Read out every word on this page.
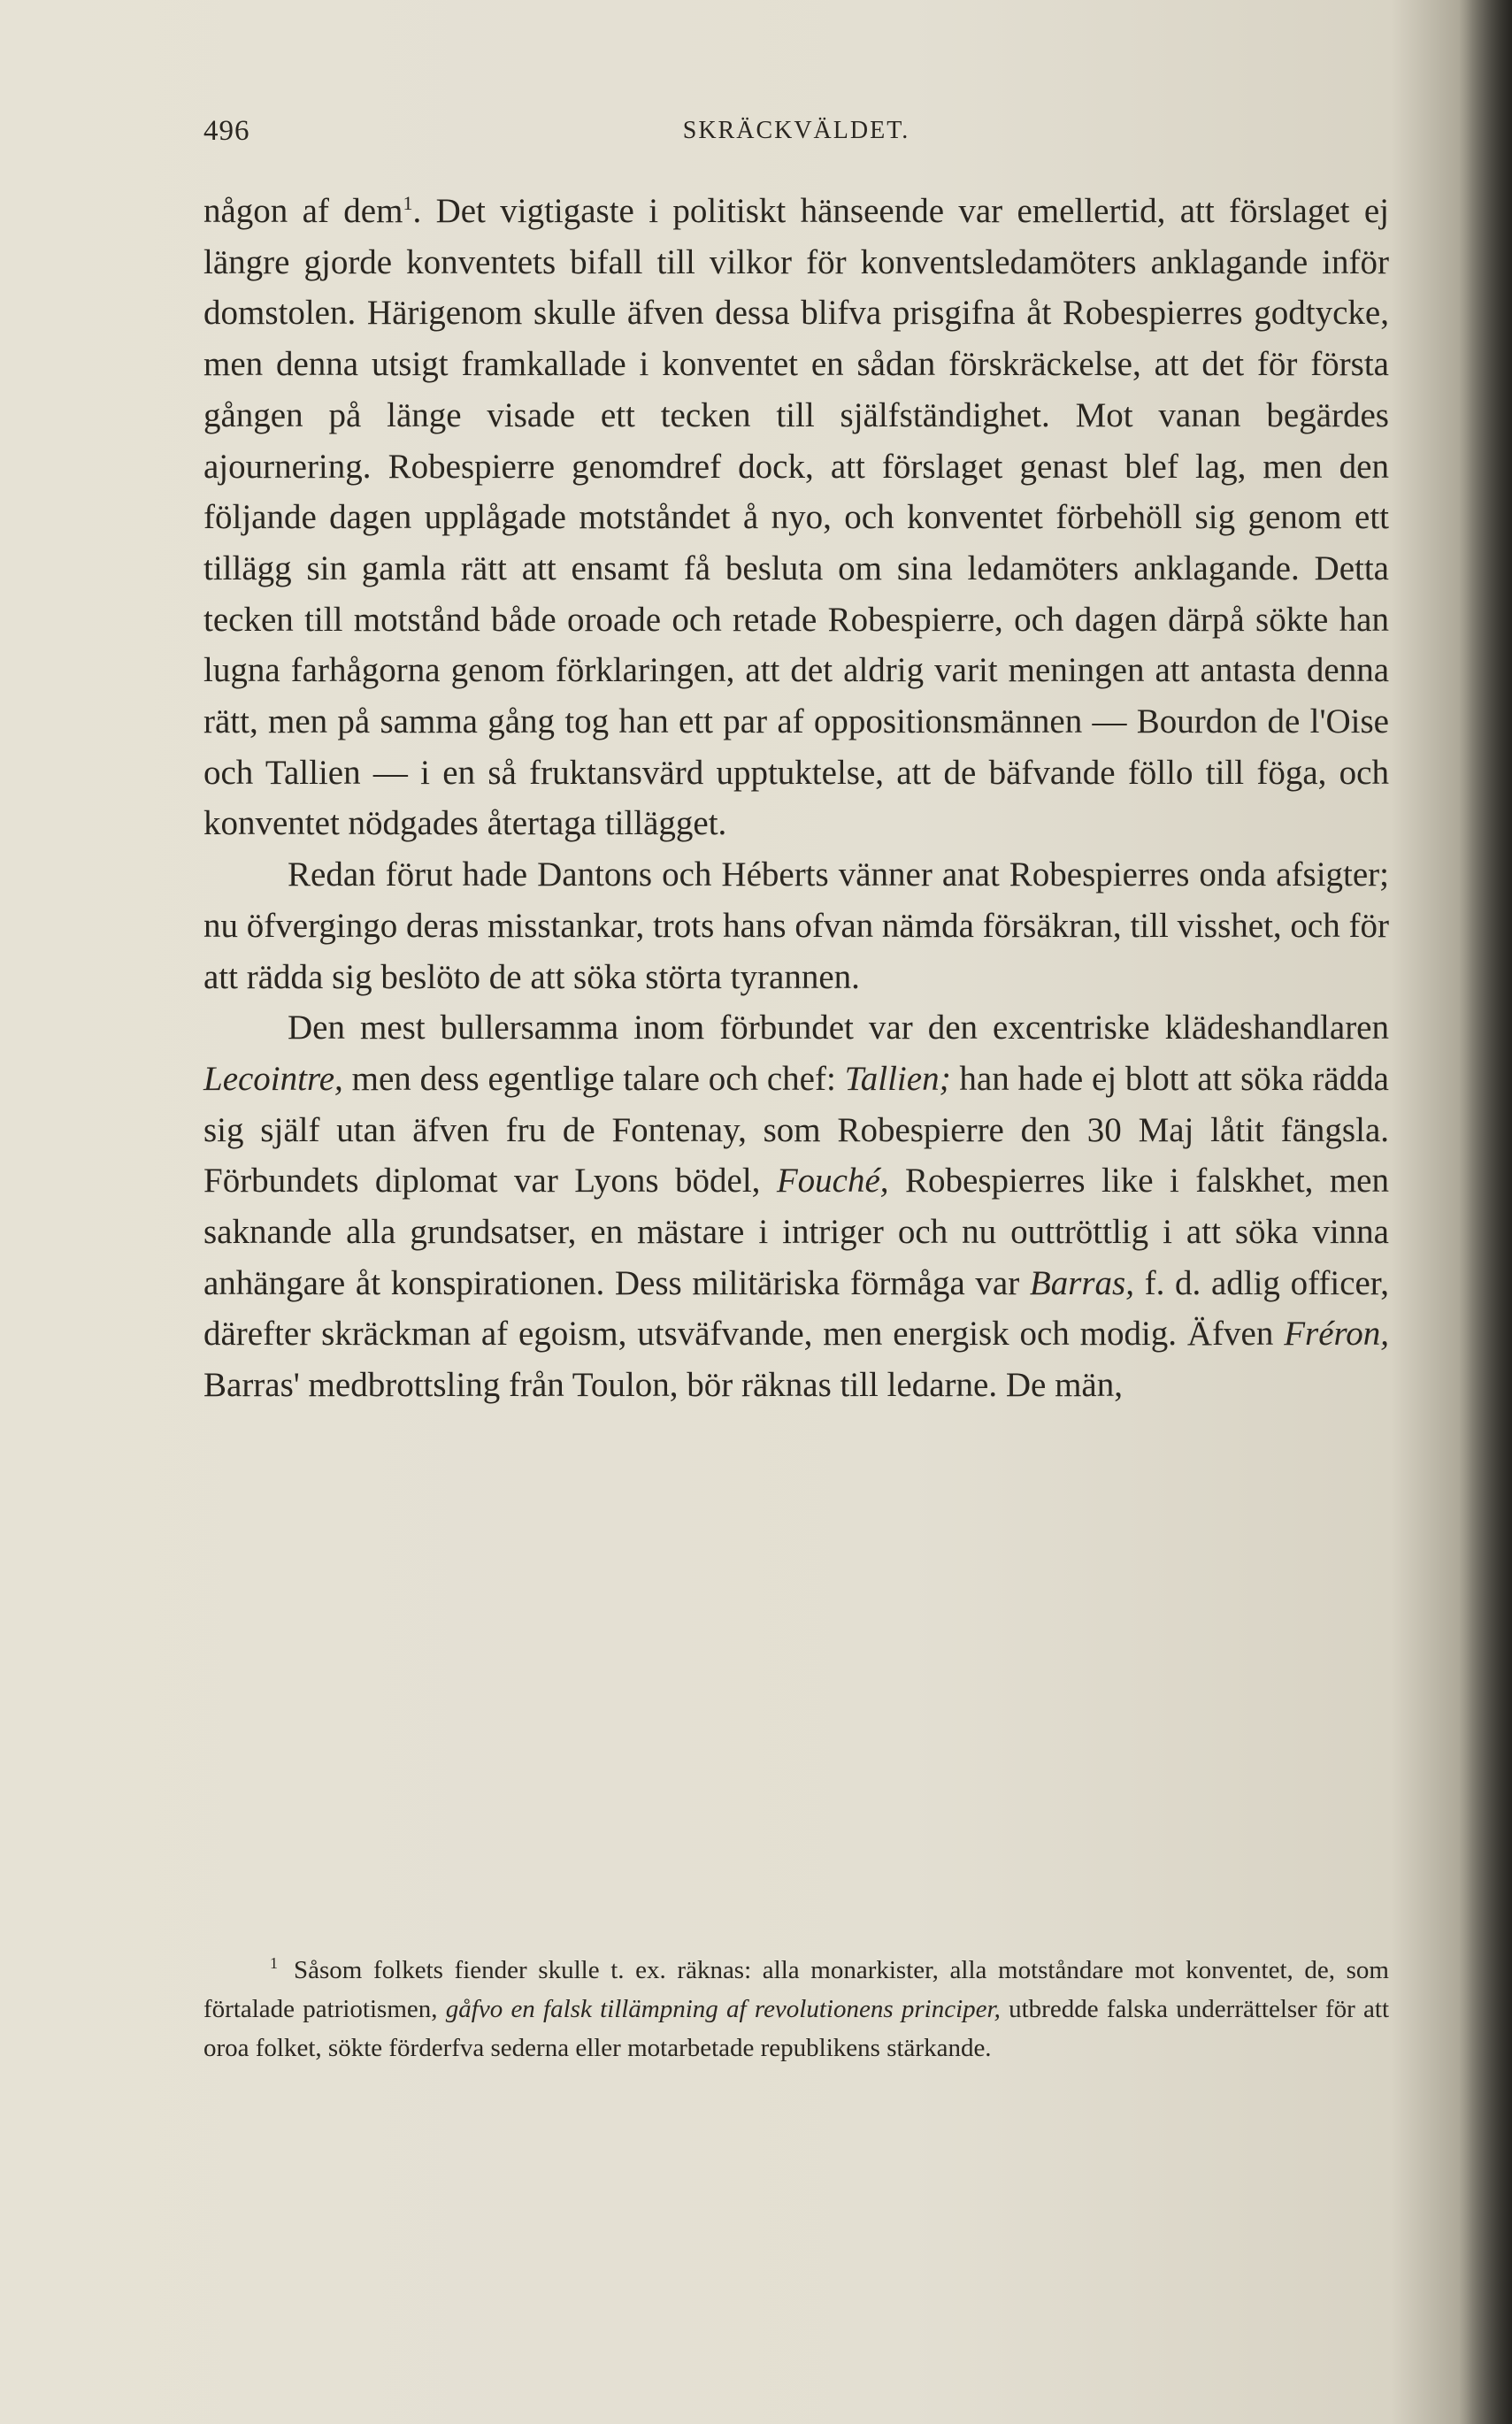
496	SKRÄCKVÄLDET.

någon af dem$^1$. Det vigtigaste i politiskt hänseende var emellertid, att förslaget ej längre gjorde konventets bifall till vilkor för konventsledamöters anklagande inför domstolen. Härigenom skulle äfven dessa blifva prisgifna åt Robespierres godtycke, men denna utsigt framkallade i konventet en sådan förskräckelse, att det för första gången på länge visade ett tecken till själfständighet. Mot vanan begärdes ajournering. Robespierre genomdref dock, att förslaget genast blef lag, men den följande dagen upplågade motståndet å nyo, och konventet förbehöll sig genom ett tillägg sin gamla rätt att ensamt få besluta om sina ledamöters anklagande. Detta tecken till motstånd både oroade och retade Robespierre, och dagen därpå sökte han lugna farhågorna genom förklaringen, att det aldrig varit meningen att antasta denna rätt, men på samma gång tog han ett par af oppositionsmännen — Bourdon de l'Oise och Tallien — i en så fruktansvärd upptuktelse, att de bäfvande föllo till föga, och konventet nödgades återtaga tillägget.

Redan förut hade Dantons och Héberts vänner anat Robespierres onda afsigter; nu öfvergingo deras misstankar, trots hans ofvan nämda försäkran, till visshet, och för att rädda sig beslöto de att söka störta tyrannen.

Den mest bullersamma inom förbundet var den excentriske klädeshandlaren Lecointre, men dess egentlige talare och chef: Tallien; han hade ej blott att söka rädda sig själf utan äfven fru de Fontenay, som Robespierre den 30 Maj låtit fängsla. Förbundets diplomat var Lyons bödel, Fouché, Robespierres like i falskhet, men saknande alla grundsatser, en mästare i intriger och nu outtröttlig i att söka vinna anhängare åt konspirationen. Dess militäriska förmåga var Barras, f. d. adlig officer, därefter skräckman af egoism, utsväfvande, men energisk och modig. Äfven Fréron, Barras' medbrottsling från Toulon, bör räknas till ledarne. De män,

$^1$ Såsom folkets fiender skulle t. ex. räknas: alla monarkister, alla motståndare mot konventet, de, som förtalade patriotismen, gåfvo en falsk tillämpning af revolutionens principer, utbredde falska underrättelser för att oroa folket, sökte förderfva sederna eller motarbetade republikens stärkande.
